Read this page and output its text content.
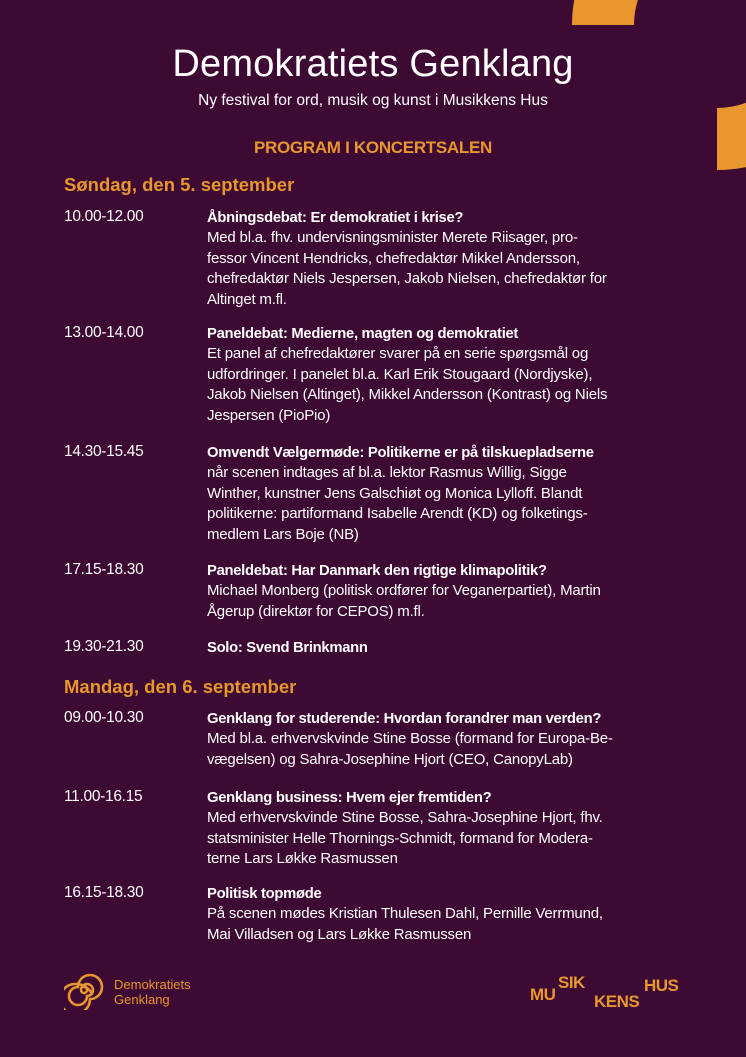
Demokratiets Genklang
Ny festival for ord, musik og kunst i Musikkens Hus
PROGRAM I KONCERTSALEN
Søndag, den 5. september
10.00-12.00	Åbningsdebat: Er demokratiet i krise?
Med bl.a. fhv. undervisningsminister Merete Riisager, pro-
fessor Vincent Hendricks, chefredaktør Mikkel Andersson,
chefredaktør Niels Jespersen, Jakob Nielsen, chefredaktør for
Altinget m.fl.
13.00-14.00	Paneldebat: Medierne, magten og demokratiet
Et panel af chefredaktører svarer på en serie spørgsmål og
udfordringer. I panelet bl.a. Karl Erik Stougaard (Nordjyske),
Jakob Nielsen (Altinget), Mikkel Andersson (Kontrast) og Niels
Jespersen (PioPio)
14.30-15.45	Omvendt Vælgermøde: Politikerne er på tilskuepladserne
når scenen indtages af bl.a. lektor Rasmus Willig, Sigge
Winther, kunstner Jens Galschiøt og Monica Lylloff. Blandt
politikerne: partiformand Isabelle Arendt (KD) og folketings-
medlem Lars Boje (NB)
17.15-18.30	Paneldebat: Har Danmark den rigtige klimapolitik?
Michael Monberg (politisk ordfører for Veganerpartiet), Martin
Ågerup (direktør for CEPOS) m.fl.
19.30-21.30	Solo: Svend Brinkmann
Mandag, den 6. september
09.00-10.30	Genklang for studerende: Hvordan forandrer man verden?
Med bl.a. erhvervskvinde Stine Bosse (formand for Europa-Be-
vægelsen) og Sahra-Josephine Hjort (CEO, CanopyLab)
11.00-16.15	Genklang business: Hvem ejer fremtiden?
Med erhvervskvinde Stine Bosse, Sahra-Josephine Hjort, fhv.
statsminister Helle Thornings-Schmidt, formand for Modera-
terne Lars Løkke Rasmussen
16.15-18.30	Politisk topmøde
På scenen mødes Kristian Thulesen Dahl, Pernille Verrmund,
Mai Villadsen og Lars Løkke Rasmussen
Demokratiets
Genklang	MU
SIK
KENS
HUS
